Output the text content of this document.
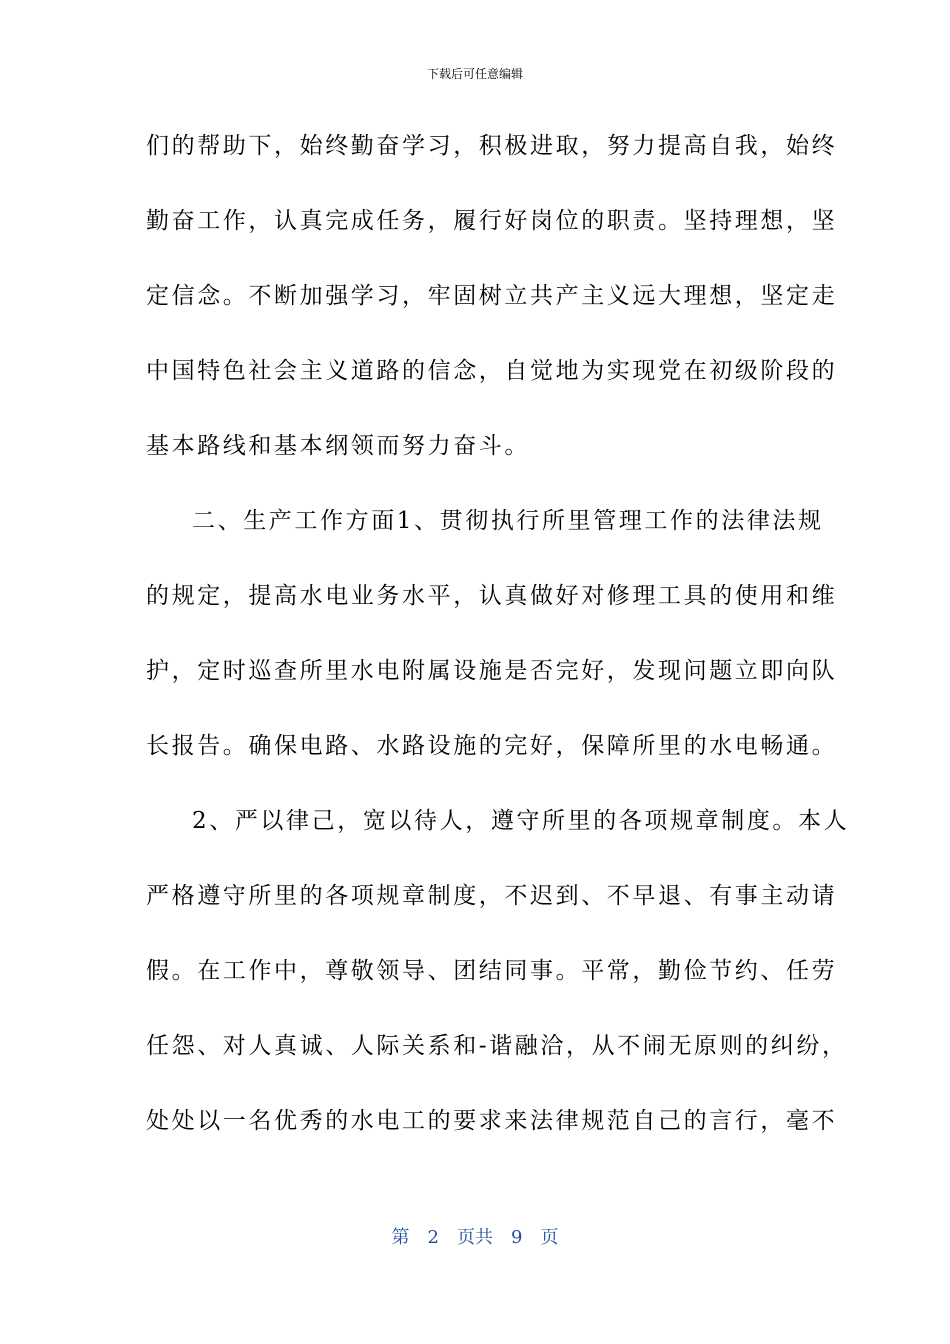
下载后可任意编辑
们的帮助下，始终勤奋学习，积极进取，努力提高自我，始终
勤奋工作，认真完成任务，履行好岗位的职责。坚持理想，坚
定信念。不断加强学习，牢固树立共产主义远大理想，坚定走
中国特色社会主义道路的信念，自觉地为实现党在初级阶段的
基本路线和基本纲领而努力奋斗。
二、生产工作方面1、贯彻执行所里管理工作的法律法规
的规定，提高水电业务水平，认真做好对修理工具的使用和维
护，定时巡查所里水电附属设施是否完好，发现问题立即向队
长报告。确保电路、水路设施的完好，保障所里的水电畅通。
2、严以律己，宽以待人，遵守所里的各项规章制度。本人
严格遵守所里的各项规章制度，不迟到、不早退、有事主动请
假。在工作中，尊敬领导、团结同事。平常，勤俭节约、任劳
任怨、对人真诚、人际关系和-谐融洽，从不闹无原则的纠纷，
处处以一名优秀的水电工的要求来法律规范自己的言行，毫不
第 2 页共 9 页
